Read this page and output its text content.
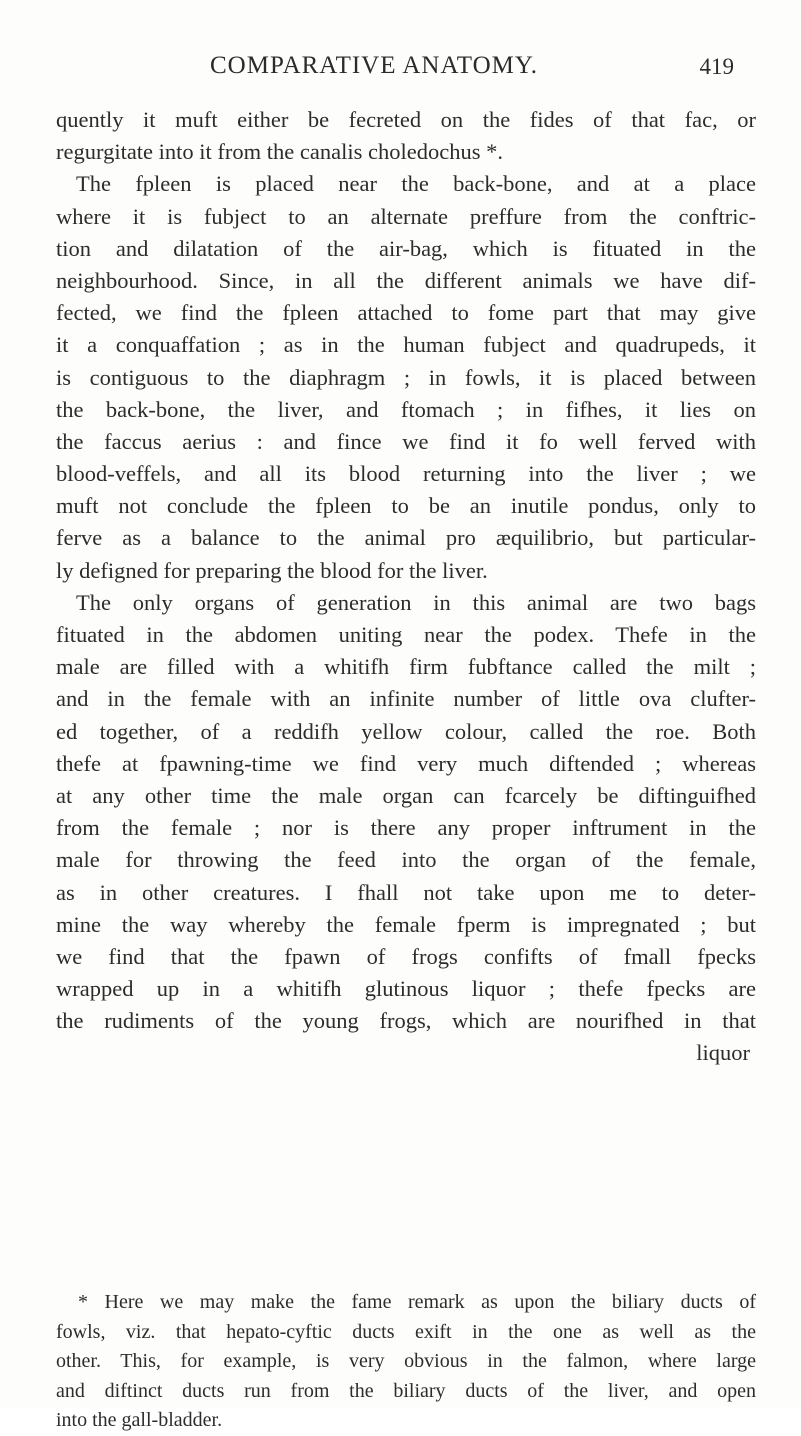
COMPARATIVE ANATOMY.	419
quently it muft either be fecreted on the fides of that fac, or
regurgitate into it from the canalis choledochus *.
The fpleen is placed near the back-bone, and at a place
where it is fubject to an alternate preffure from the conftric-
tion and dilatation of the air-bag, which is fituated in the
neighbourhood. Since, in all the different animals we have dif-
fected, we find the fpleen attached to fome part that may give
it a conquaffation ; as in the human fubject and quadrupeds, it
is contiguous to the diaphragm ; in fowls, it is placed between
the back-bone, the liver, and ftomach ; in fifhes, it lies on
the faccus aerius : and fince we find it fo well ferved with
blood-veffels, and all its blood returning into the liver ; we
muft not conclude the fpleen to be an inutile pondus, only to
ferve as a balance to the animal pro æquilibrio, but particular-
ly defigned for preparing the blood for the liver.
The only organs of generation in this animal are two bags
fituated in the abdomen uniting near the podex. Thefe in the
male are filled with a whitifh firm fubftance called the milt ;
and in the female with an infinite number of little ova clufter-
ed together, of a reddifh yellow colour, called the roe. Both
thefe at fpawning-time we find very much diftended ; whereas
at any other time the male organ can fcarcely be diftinguifhed
from the female ; nor is there any proper inftrument in the
male for throwing the feed into the organ of the female,
as in other creatures. I fhall not take upon me to deter-
mine the way whereby the female fperm is impregnated ; but
we find that the fpawn of frogs confifts of fmall fpecks
wrapped up in a whitifh glutinous liquor ; thefe fpecks are
the rudiments of the young frogs, which are nourifhed in that
liquor
* Here we may make the fame remark as upon the biliary ducts of
fowls, viz. that hepato-cyftic ducts exift in the one as well as the
other. This, for example, is very obvious in the falmon, where large
and diftinct ducts run from the biliary ducts of the liver, and open
into the gall-bladder.
